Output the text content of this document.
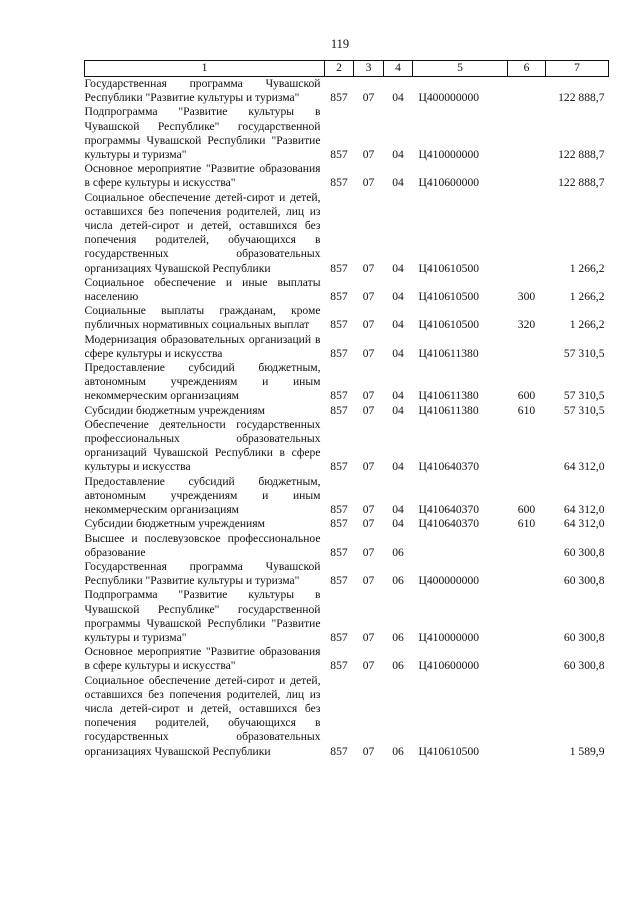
119
1	2	3	4	5	6	7
Государственная программа Чувашской Республики "Развитие культуры и туризма"	857	07	04	Ц400000000		122 888,7
Подпрограмма "Развитие культуры в Чувашской Республике" государственной программы Чувашской Республики "Развитие культуры и туризма"	857	07	04	Ц410000000		122 888,7
Основное мероприятие "Развитие образования в сфере культуры и искусства"	857	07	04	Ц410600000		122 888,7
Социальное обеспечение детей-сирот и детей, оставшихся без попечения родителей, лиц из числа детей-сирот и детей, оставшихся без попечения родителей, обучающихся в государственных образовательных организациях Чувашской Республики	857	07	04	Ц410610500		1 266,2
Социальное обеспечение и иные выплаты населению	857	07	04	Ц410610500	300	1 266,2
Социальные выплаты гражданам, кроме публичных нормативных социальных выплат	857	07	04	Ц410610500	320	1 266,2
Модернизация образовательных организаций в сфере культуры и искусства	857	07	04	Ц410611380		57 310,5
Предоставление субсидий бюджетным, автономным учреждениям и иным некоммерческим организациям	857	07	04	Ц410611380	600	57 310,5
Субсидии бюджетным учреждениям	857	07	04	Ц410611380	610	57 310,5
Обеспечение деятельности государственных профессиональных образовательных организаций Чувашской Республики в сфере культуры и искусства	857	07	04	Ц410640370		64 312,0
Предоставление субсидий бюджетным, автономным учреждениям и иным некоммерческим организациям	857	07	04	Ц410640370	600	64 312,0
Субсидии бюджетным учреждениям	857	07	04	Ц410640370	610	64 312,0
Высшее и послевузовское профессиональное образование	857	07	06			60 300,8
Государственная программа Чувашской Республики "Развитие культуры и туризма"	857	07	06	Ц400000000		60 300,8
Подпрограмма "Развитие культуры в Чувашской Республике" государственной программы Чувашской Республики "Развитие культуры и туризма"	857	07	06	Ц410000000		60 300,8
Основное мероприятие "Развитие образования в сфере культуры и искусства"	857	07	06	Ц410600000		60 300,8
Социальное обеспечение детей-сирот и детей, оставшихся без попечения родителей, лиц из числа детей-сирот и детей, оставшихся без попечения родителей, обучающихся в государственных образовательных организациях Чувашской Республики	857	07	06	Ц410610500		1 589,9
